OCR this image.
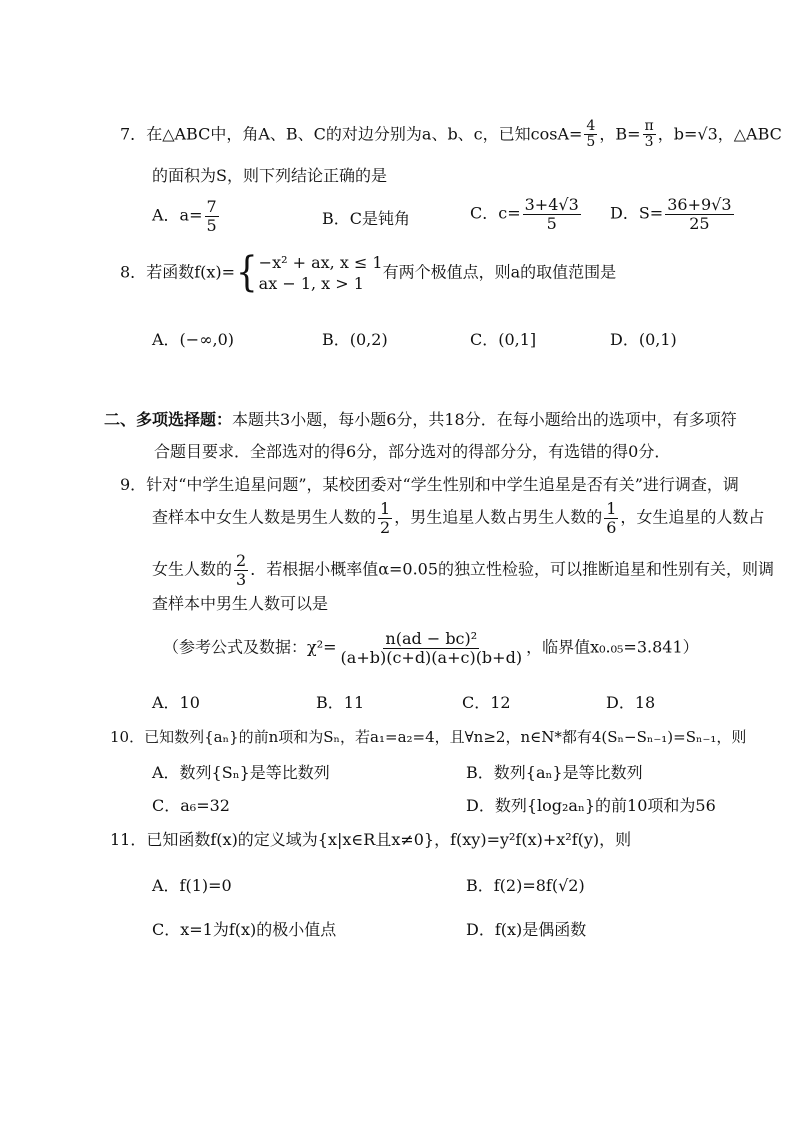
7．在△ABC中，角A、B、C的对边分别为a、b、c，已知$\cos A= \frac{4}{5}$ ，$B= \frac{\pi}{3}$ ，b=√3，△ABC
的面积为S，则下列结论正确的是
A．$a= \frac{7}{5}$	B．C是钝角	C．$c= \frac{3+4√3}{5}$ D．$S= \frac{36+9√3}{25}$
8．若函数f(x)={ −x² + ax, x ≤ 1
ax − 1, x > 1
有两个极值点，则a的取值范围是
A．(−∞,0)	B．(0,2)	C．(0,1]	D．(0,1)
二、多项选择题：本题共3小题，每小题6分，共18分．在每小题给出的选项中，有多项符
合题目要求．全部选对的得6分，部分选对的得部分分，有选错的得0分．
9．针对“中学生追星问题”，某校团委对“学生性别和中学生追星是否有关”进行调查，调
查样本中女生人数是男生人数的 $\frac{1}{2}$ ，男生追星人数占男生人数的 $\frac{1}{6}$ ，女生追星的人数占
女生人数的 $\frac{2}{3}$ ．若根据小概率值α=0.05的独立性检验，可以推断追星和性别有关，则调
查样本中男生人数可以是
（参考公式及数据：$\chi^2= \frac{\text{n(ad − bc)²}}{(a+b)(c+d)(a+c)(b+d)}$ ，临界值x₀.₀₅=3.841）
A．10	B．11	C．12	D．18
10．已知数列{aₙ}的前n项和为Sₙ，若a₁=a₂=4，且∀n≥2，n∈N*都有4(Sₙ−Sₙ₋₁)=Sₙ₋₁，则
A．数列{Sₙ}是等比数列	B．数列{aₙ}是等比数列
C．a₆=32	D．数列{log₂aₙ}的前10项和为56
11．已知函数f(x)的定义域为{x|x∈R且x≠0}，f(xy)=y²f(x)+x²f(y)，则
A．f(1)=0	B．f(2)=8f(√2)
C．x=1为f(x)的极小值点	D．f(x)是偶函数
